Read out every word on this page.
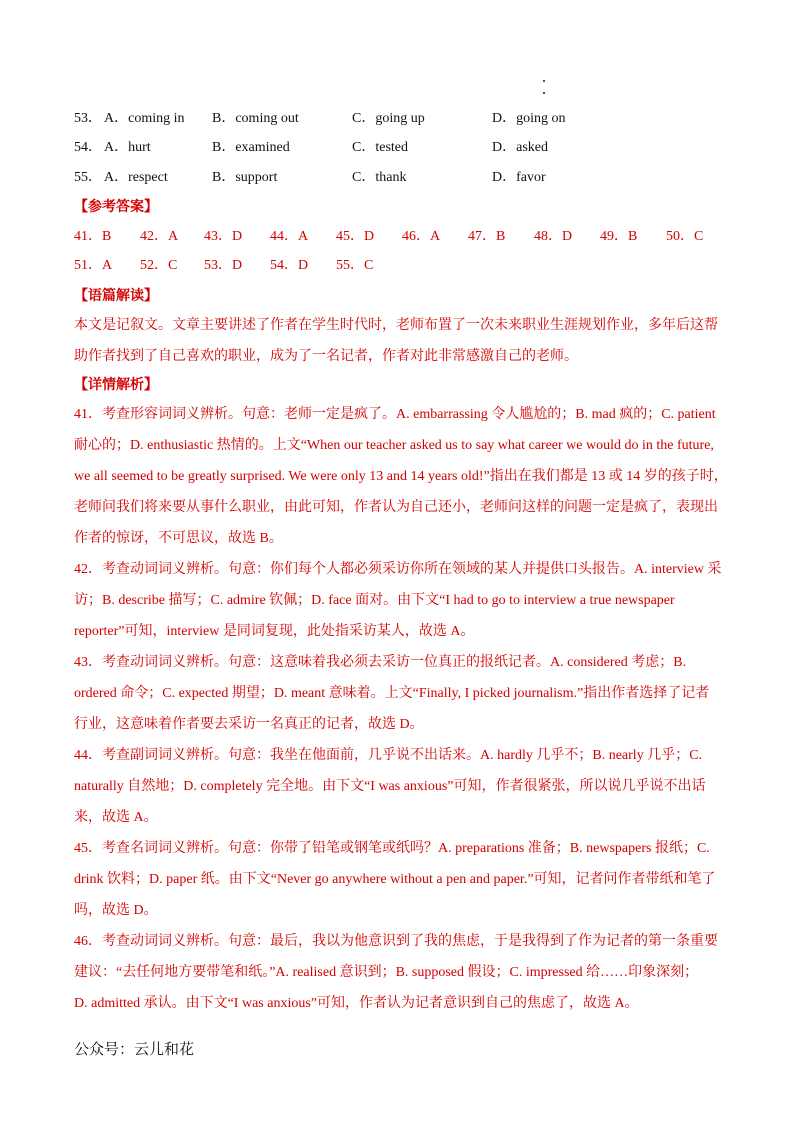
53． A．coming in B．coming out	C．going up	D．going on
54． A．hurt	B．examined	C．tested	D．asked
55． A．respect	B．support	C．thank	D．favor
【参考答案】
41．B 42．A 43．D 44．A 45．D 46．A 47．B 48．D 49．B 50．C
51．A 52．C 53．D 54．D 55．C
【语篇解读】
本文是记叙文。文章主要讲述了作者在学生时代时，老师布置了一次未来职业生涯规划作业，多年后这帮
助作者找到了自己喜欢的职业，成为了一名记者，作者对此非常感激自己的老师。
【详情解析】
41．考查形容词词义辨析。句意：老师一定是疯了。A. embarrassing 令人尴尬的；B. mad 疯的；C. patient
耐心的；D. enthusiastic 热情的。上文“When our teacher asked us to say what career we would do in the future,
we all seemed to be greatly surprised. We were only 13 and 14 years old!”指出在我们都是 13 或 14 岁的孩子时，
老师问我们将来要从事什么职业，由此可知，作者认为自己还小，老师问这样的问题一定是疯了，表现出
作者的惊讶，不可思议，故选 B。
42．考查动词词义辨析。句意：你们每个人都必须采访你所在领域的某人并提供口头报告。A. interview 采
访；B. describe 描写；C. admire 钦佩；D. face 面对。由下文“I had to go to interview a true newspaper
reporter”可知，interview 是同词复现，此处指采访某人，故选 A。
43．考查动词词义辨析。句意：这意味着我必须去采访一位真正的报纸记者。A. considered 考虑；B.
ordered 命令；C. expected 期望；D. meant 意味着。上文“Finally, I picked journalism.”指出作者选择了记者
行业，这意味着作者要去采访一名真正的记者，故选 D。
44．考查副词词义辨析。句意：我坐在他面前，几乎说不出话来。A. hardly 几乎不；B. nearly 几乎；C.
naturally 自然地；D. completely 完全地。由下文“I was anxious”可知，作者很紧张，所以说几乎说不出话
来，故选 A。
45．考查名词词义辨析。句意：你带了铅笔或钢笔或纸吗？A. preparations 准备；B. newspapers 报纸；C.
drink 饮料；D. paper 纸。由下文“Never go anywhere without a pen and paper.”可知，记者问作者带纸和笔了
吗，故选 D。
46．考查动词词义辨析。句意：最后，我以为他意识到了我的焦虑，于是我得到了作为记者的第一条重要
建议：“去任何地方要带笔和纸。”A. realised 意识到；B. supposed 假设；C. impressed 给……印象深刻；
D. admitted 承认。由下文“I was anxious”可知，作者认为记者意识到自己的焦虑了，故选 A。
公众号：云儿和花
